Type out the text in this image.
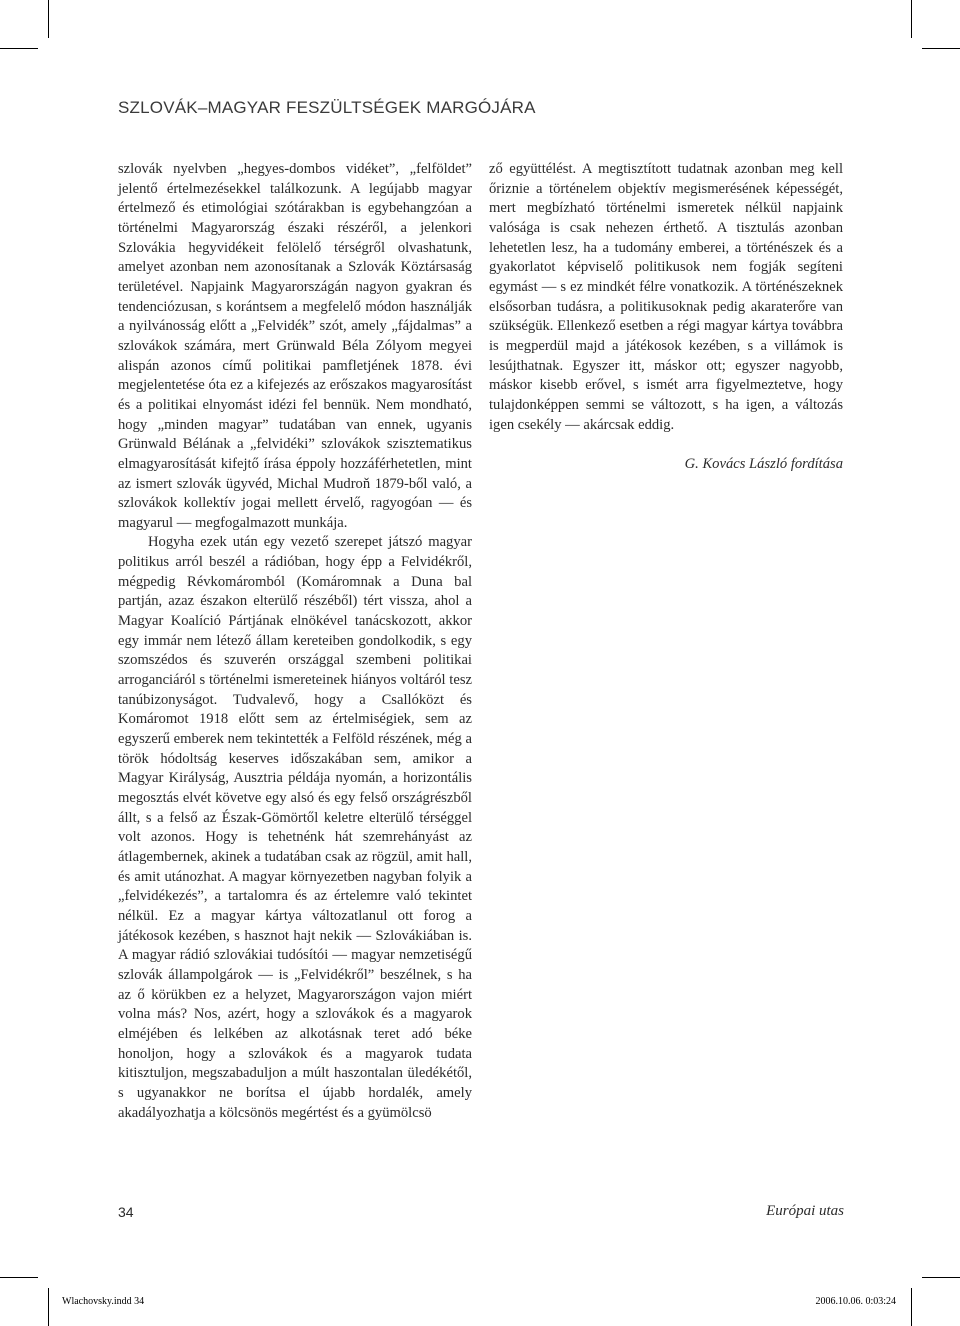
SZLOVÁK–MAGYAR FESZÜLTSÉGEK MARGÓJÁRA

szlovák nyelvben „hegyes-dombos vidéket”, „felföldet” jelentő értelmezésekkel találkozunk. A legújabb magyar értelmező és etimológiai szótárakban is egybehangzóan a történelmi Magyarország északi részéről, a jelenkori Szlovákia hegyvidékeit felölelő térségről olvashatunk, amelyet azonban nem azonosítanak a Szlovák Köztársaság területével. Napjaink Magyarországán nagyon gyakran és tendenciózusan, s korántsem a megfelelő módon használják a nyilvánosság előtt a „Felvidék” szót, amely „fájdalmas” a szlovákok számára, mert Grünwald Béla Zólyom megyei alispán azonos című politikai pamfletjének 1878. évi megjelentetése óta ez a kifejezés az erőszakos magyarosítást és a politikai elnyomást idézi fel bennük. Nem mondható, hogy „minden magyar” tudatában van ennek, ugyanis Grünwald Bélának a „felvidéki” szlovákok szisztematikus elmagyarosítását kifejtő írása éppoly hozzáférhetetlen, mint az ismert szlovák ügyvéd, Michal Mudroň 1879-ből való, a szlovákok kollektív jogai mellett érvelő, ragyogóan — és magyarul — megfogalmazott munkája.

Hogyha ezek után egy vezető szerepet játszó magyar politikus arról beszél a rádióban, hogy épp a Felvidékről, mégpedig Révkomáromból (Komáromnak a Duna bal partján, azaz északon elterülő részéből) tért vissza, ahol a Magyar Koalíció Pártjának elnökével tanácskozott, akkor egy immár nem létező állam kereteiben gondolkodik, s egy szomszédos és szuverén országgal szembeni politikai arroganciáról s történelmi ismereteinek hiányos voltáról tesz tanúbizonyságot. Tudvalevő, hogy a Csallóközt és Komáromot 1918 előtt sem az értelmiségiek, sem az egyszerű emberek nem tekintették a Felföld részének, még a török hódoltság keserves időszakában sem, amikor a Magyar Királyság, Ausztria példája nyomán, a horizontális megosztás elvét követve egy alsó és egy felső országrészből állt, s a felső az Észak-Gömörtől keletre elterülő térséggel volt azonos. Hogy is tehetnénk hát szemrehányást az átlagembernek, akinek a tudatában csak az rögzül, amit hall, és amit utánozhat. A magyar környezetben nagyban folyik a „felvidékezés”, a tartalomra és az értelemre való tekintet nélkül. Ez a magyar kártya változatlanul ott forog a játékosok kezében, s hasznot hajt nekik — Szlovákiában is. A magyar rádió szlovákiai tudósítói — magyar nemzetiségű szlovák állampolgárok — is „Felvidékről” beszélnek, s ha az ő körükben ez a helyzet, Magyarországon vajon miért volna más? Nos, azért, hogy a szlovákok és a magyarok elméjében és lelkében az alkotásnak teret adó béke honoljon, hogy a szlovákok és a magyarok tudata kitisztuljon, megszabaduljon a múlt haszontalan üledékétől, s ugyanakkor ne borítsa el újabb hordalék, amely akadályozhatja a kölcsönös megértést és a gyümölcsö

ző együttélést. A megtisztított tudatnak azonban meg kell őriznie a történelem objektív megismerésének képességét, mert megbízható történelmi ismeretek nélkül napjaink valósága is csak nehezen érthető. A tisztulás azonban lehetetlen lesz, ha a tudomány emberei, a történészek és a gyakorlatot képviselő politikusok nem fogják segíteni egymást — s ez mindkét félre vonatkozik. A történészeknek elsősorban tudásra, a politikusoknak pedig akaraterőre van szükségük. Ellenkező esetben a régi magyar kártya továbbra is megperdül majd a játékosok kezében, s a villámok is lesújthatnak. Egyszer itt, máskor ott; egyszer nagyobb, máskor kisebb erővel, s ismét arra figyelmeztetve, hogy tulajdonképpen semmi se változott, s ha igen, a változás igen csekély — akárcsak eddig.

G. Kovács László fordítása

34	Európai utas
Wlachovsky.indd 34	2006.10.06. 0:03:24
